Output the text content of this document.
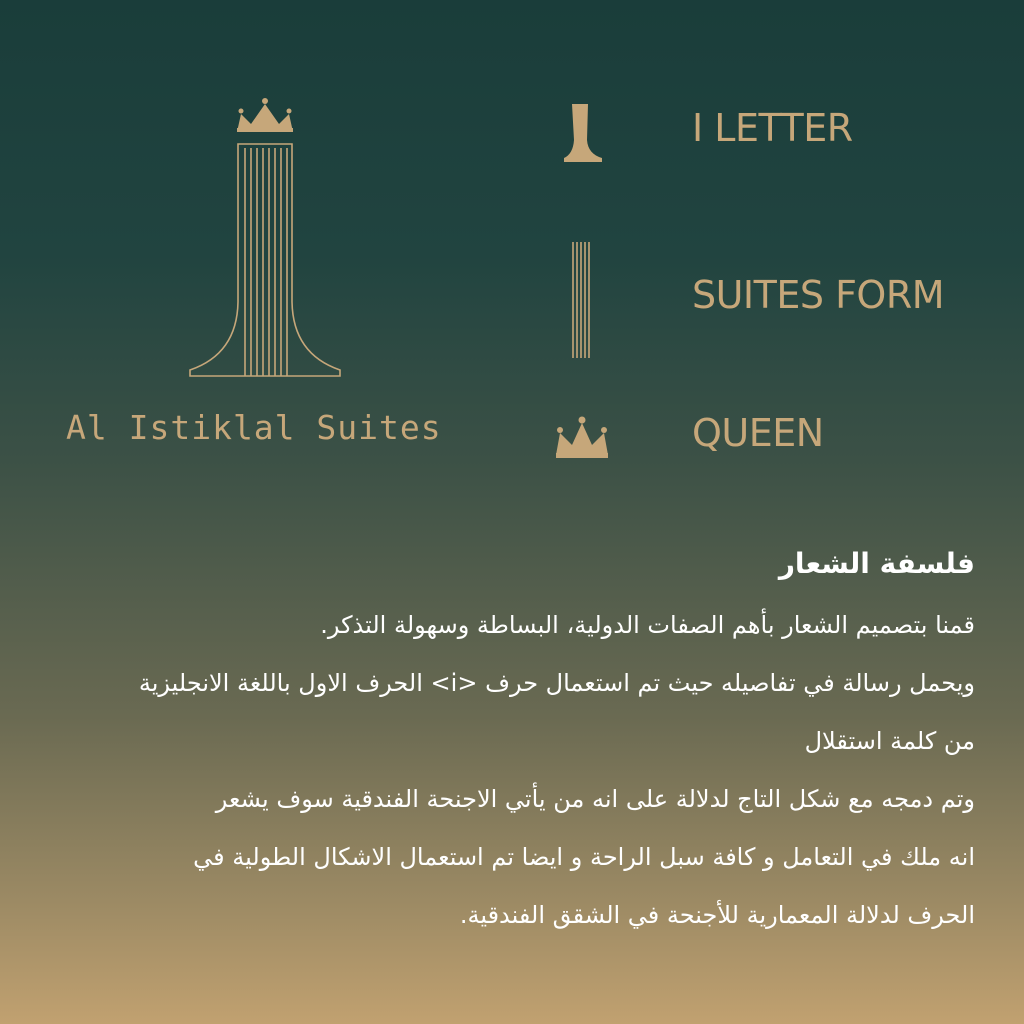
Al Istiklal Suites
I LETTER
SUITES FORM
QUEEN

فلسفة الشعار

قمنا بتصميم الشعار بأهم الصفات الدولية، البساطة وسهولة التذكر.

ويحمل رسالة في تفاصيله حيث تم استعمال حرف <i> الحرف الاول باللغة الانجليزية

من كلمة استقلال

وتم دمجه مع شكل التاج لدلالة على انه من يأتي الاجنحة الفندقية سوف يشعر

انه ملك في التعامل و كافة سبل الراحة و ايضا تم استعمال الاشكال الطولية في

الحرف لدلالة المعمارية للأجنحة في الشقق الفندقية.
